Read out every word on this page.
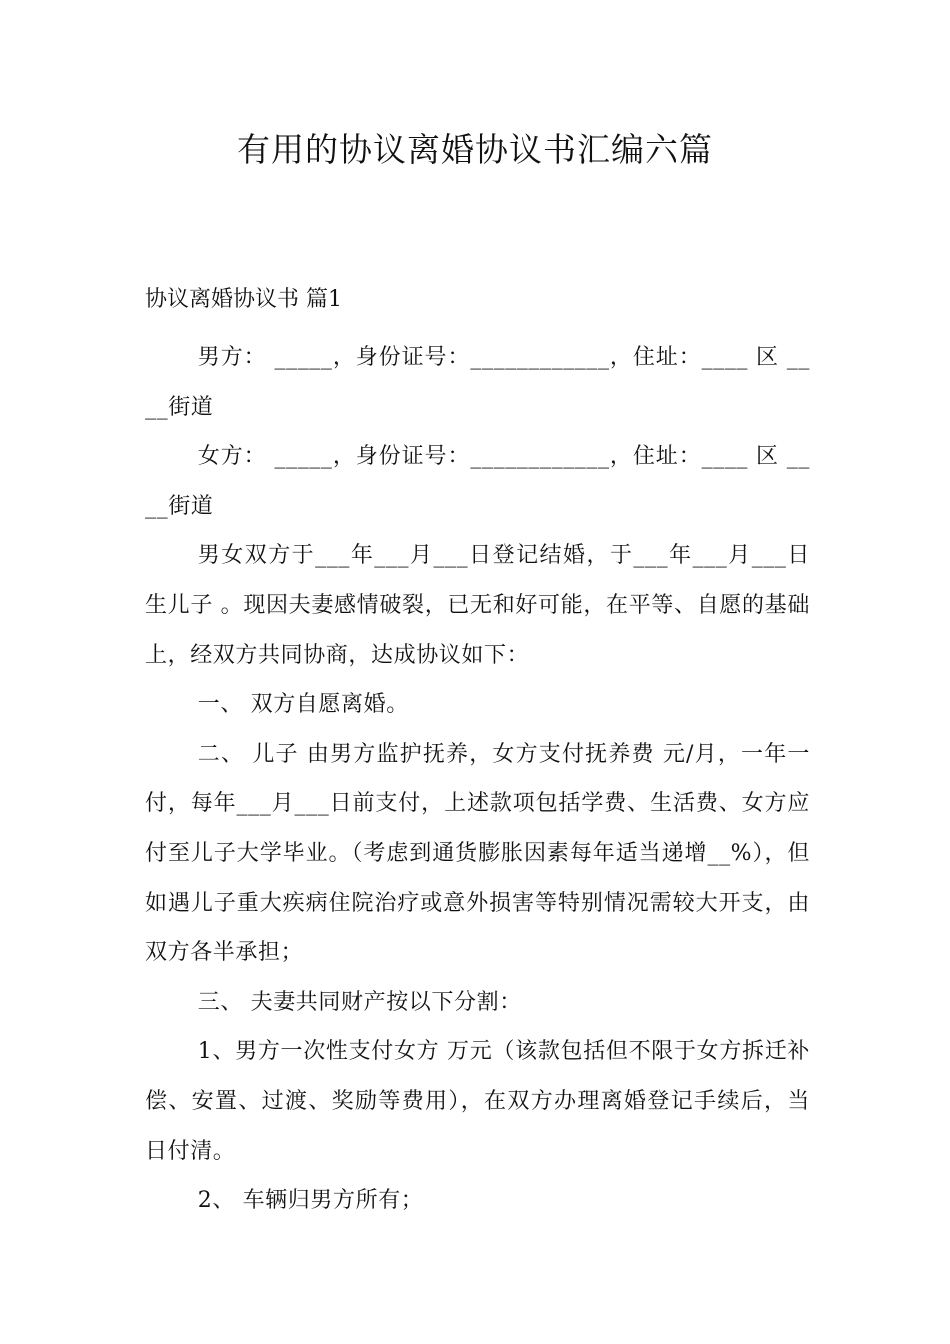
有用的协议离婚协议书汇编六篇
协议离婚协议书 篇1

男方： _____，身份证号：____________，住址：____ 区 ____街道

女方： _____，身份证号：____________，住址：____ 区 ____街道

男女双方于___年___月___日登记结婚，于___年___月___日生儿子 。现因夫妻感情破裂，已无和好可能，在平等、自愿的基础上，经双方共同协商，达成协议如下：

一、 双方自愿离婚。

二、 儿子 由男方监护抚养，女方支付抚养费 元/月，一年一付，每年___月___日前支付，上述款项包括学费、生活费、女方应付至儿子大学毕业。（考虑到通货膨胀因素每年适当递增__%），但如遇儿子重大疾病住院治疗或意外损害等特别情况需较大开支，由双方各半承担；

三、 夫妻共同财产按以下分割：

1、男方一次性支付女方 万元（该款包括但不限于女方拆迁补偿、安置、过渡、奖励等费用），在双方办理离婚登记手续后，当日付清。

2、 车辆归男方所有；
